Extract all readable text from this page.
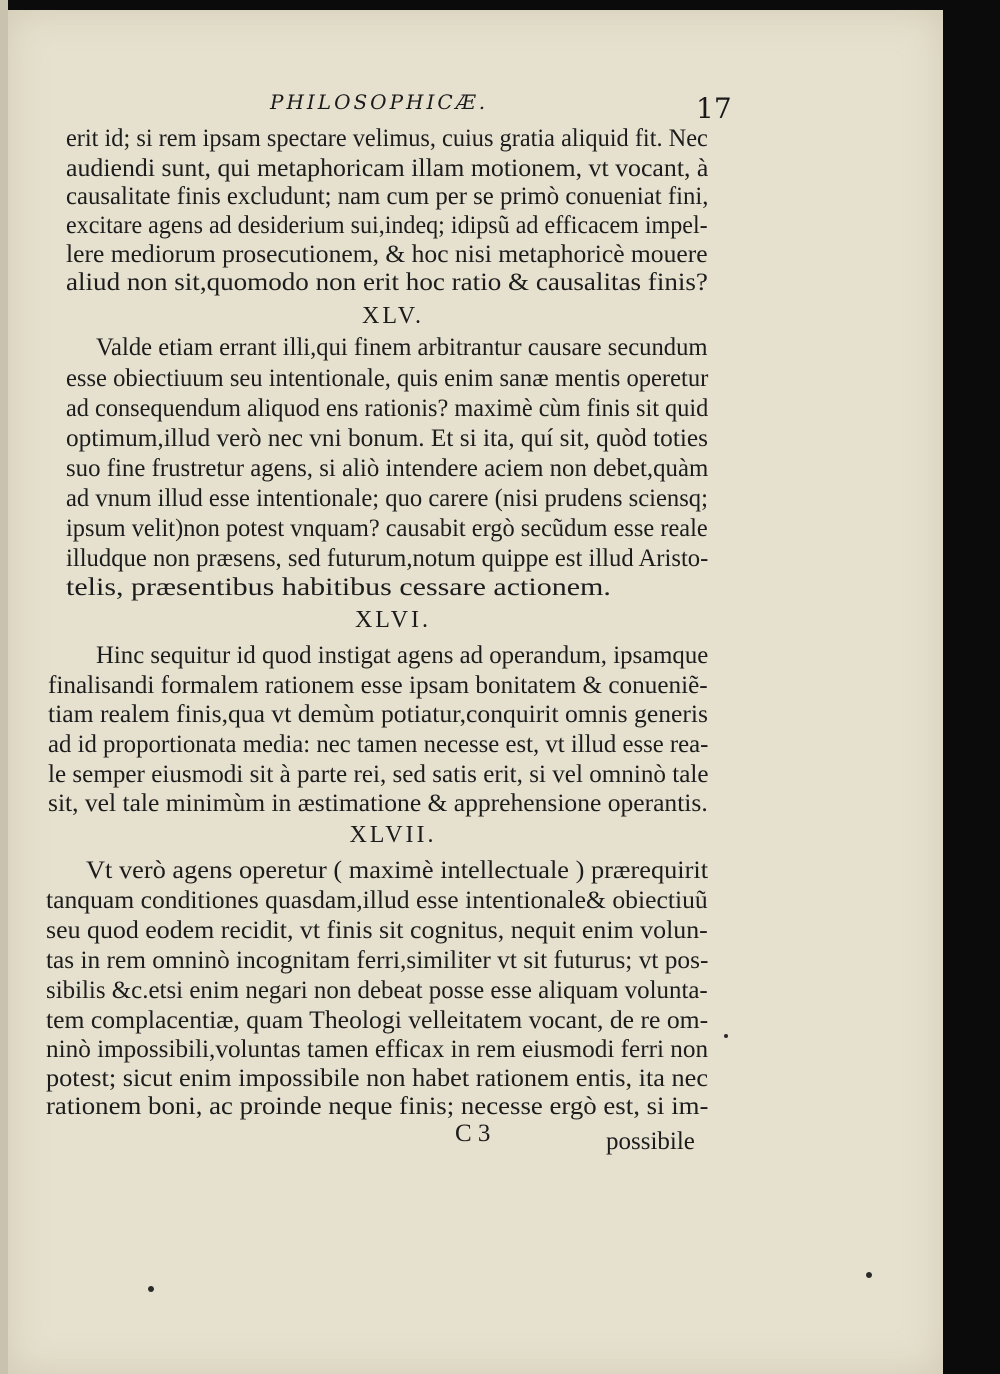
PHILOSOPHICÆ.	17
erit id; si rem ipsam spectare velimus, cuius gratia aliquid fit. Nec
audiendi sunt, qui metaphoricam illam motionem, vt vocant, à
causalitate finis excludunt; nam cum per se primò conueniat fini,
excitare agens ad desiderium sui,indeq; idipsũ ad efficacem impel-
lere mediorum prosecutionem, & hoc nisi metaphoricè mouere
aliud non sit,quomodo non erit hoc ratio & causalitas finis?
XLV.
Valde etiam errant illi,qui finem arbitrantur causare secundum
esse obiectiuum seu intentionale, quis enim sanæ mentis operetur
ad consequendum aliquod ens rationis? maximè cùm finis sit quid
optimum,illud verò nec vni bonum. Et si ita, quí sit, quòd toties
suo fine frustretur agens, si aliò intendere aciem non debet,quàm
ad vnum illud esse intentionale; quo carere (nisi prudens sciensq;
ipsum velit)non potest vnquam? causabit ergò secũdum esse reale
illudque non præsens, sed futurum,notum quippe est illud Aristo-
telis, præsentibus habitibus cessare actionem.
XLVI.
Hinc sequitur id quod instigat agens ad operandum, ipsamque
finalisandi formalem rationem esse ipsam bonitatem & conueniẽ-
tiam realem finis,qua vt demùm potiatur,conquirit omnis generis
ad id proportionata media: nec tamen necesse est, vt illud esse rea-
le semper eiusmodi sit à parte rei, sed satis erit, si vel omninò tale
sit, vel tale minimùm in æstimatione & apprehensione operantis.
XLVII.
Vt verò agens operetur ( maximè intellectuale ) prærequirit
tanquam conditiones quasdam,illud esse intentionale& obiectiuũ
seu quod eodem recidit, vt finis sit cognitus, nequit enim volun-
tas in rem omninò incognitam ferri,similiter vt sit futurus; vt pos-
sibilis &c.etsi enim negari non debeat posse esse aliquam volunta-
tem complacentiæ, quam Theologi velleitatem vocant, de re om-
ninò impossibili,voluntas tamen efficax in rem eiusmodi ferri non
potest; sicut enim impossibile non habet rationem entis, ita nec
rationem boni, ac proinde neque finis; necesse ergò est, si im-
C 3	possibile
